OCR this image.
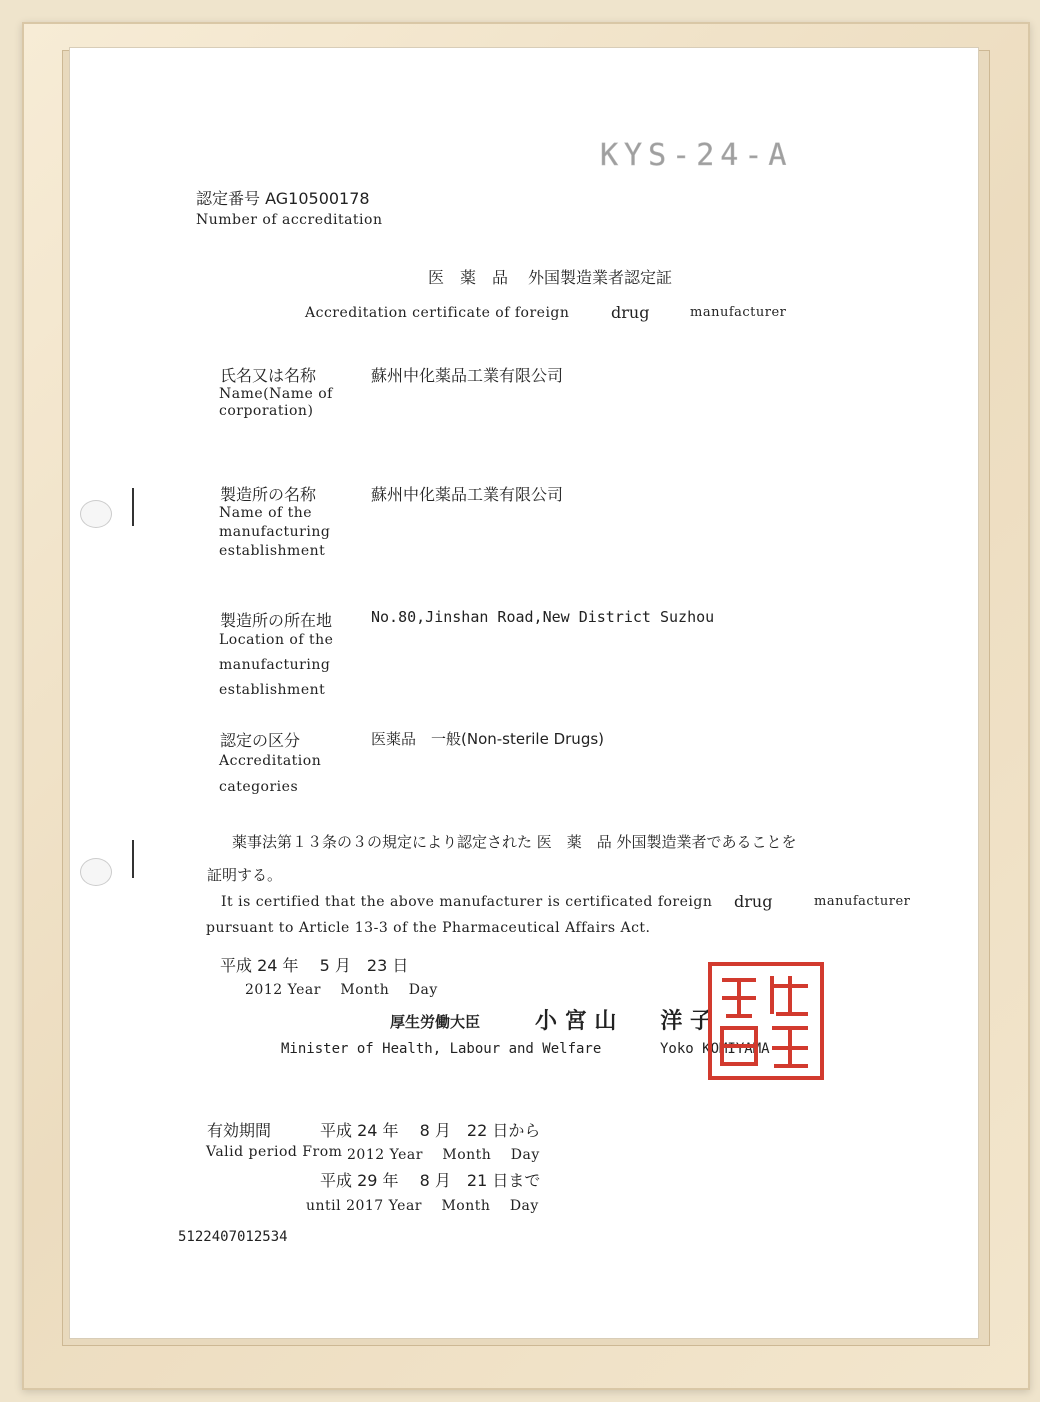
KYS-24-A
認定番号 AG10500178
Number of accreditation
医　薬　品 外国製造業者認定証
Accreditation certificate of foreign	drug	manufacturer
氏名又は名称
Name(Name of
corporation)
蘇州中化薬品工業有限公司
製造所の名称
Name of the
manufacturing
establishment
蘇州中化薬品工業有限公司
製造所の所在地
Location of the
manufacturing
establishment
No.80,Jinshan Road,New District Suzhou
認定の区分
Accreditation
categories
医薬品　一般(Non-sterile Drugs)
薬事法第１３条の３の規定により認定された 医　薬　品 外国製造業者であることを
証明する。
It is certified that the above manufacturer is certificated foreign drug	manufacturer
pursuant to Article 13-3 of the Pharmaceutical Affairs Act.
平成 24 年　 5 月　23 日
2012 Year　 Month　 Day
厚生労働大臣 小 宮 山　　洋 子
Minister of Health, Labour and Welfare	Yoko KOMIYAMA
有効期間	平成 24 年　 8 月　22 日から
Valid period From 2012 Year　 Month　 Day
平成 29 年　 8 月　21 日まで
until 2017 Year　 Month　 Day
5122407012534
